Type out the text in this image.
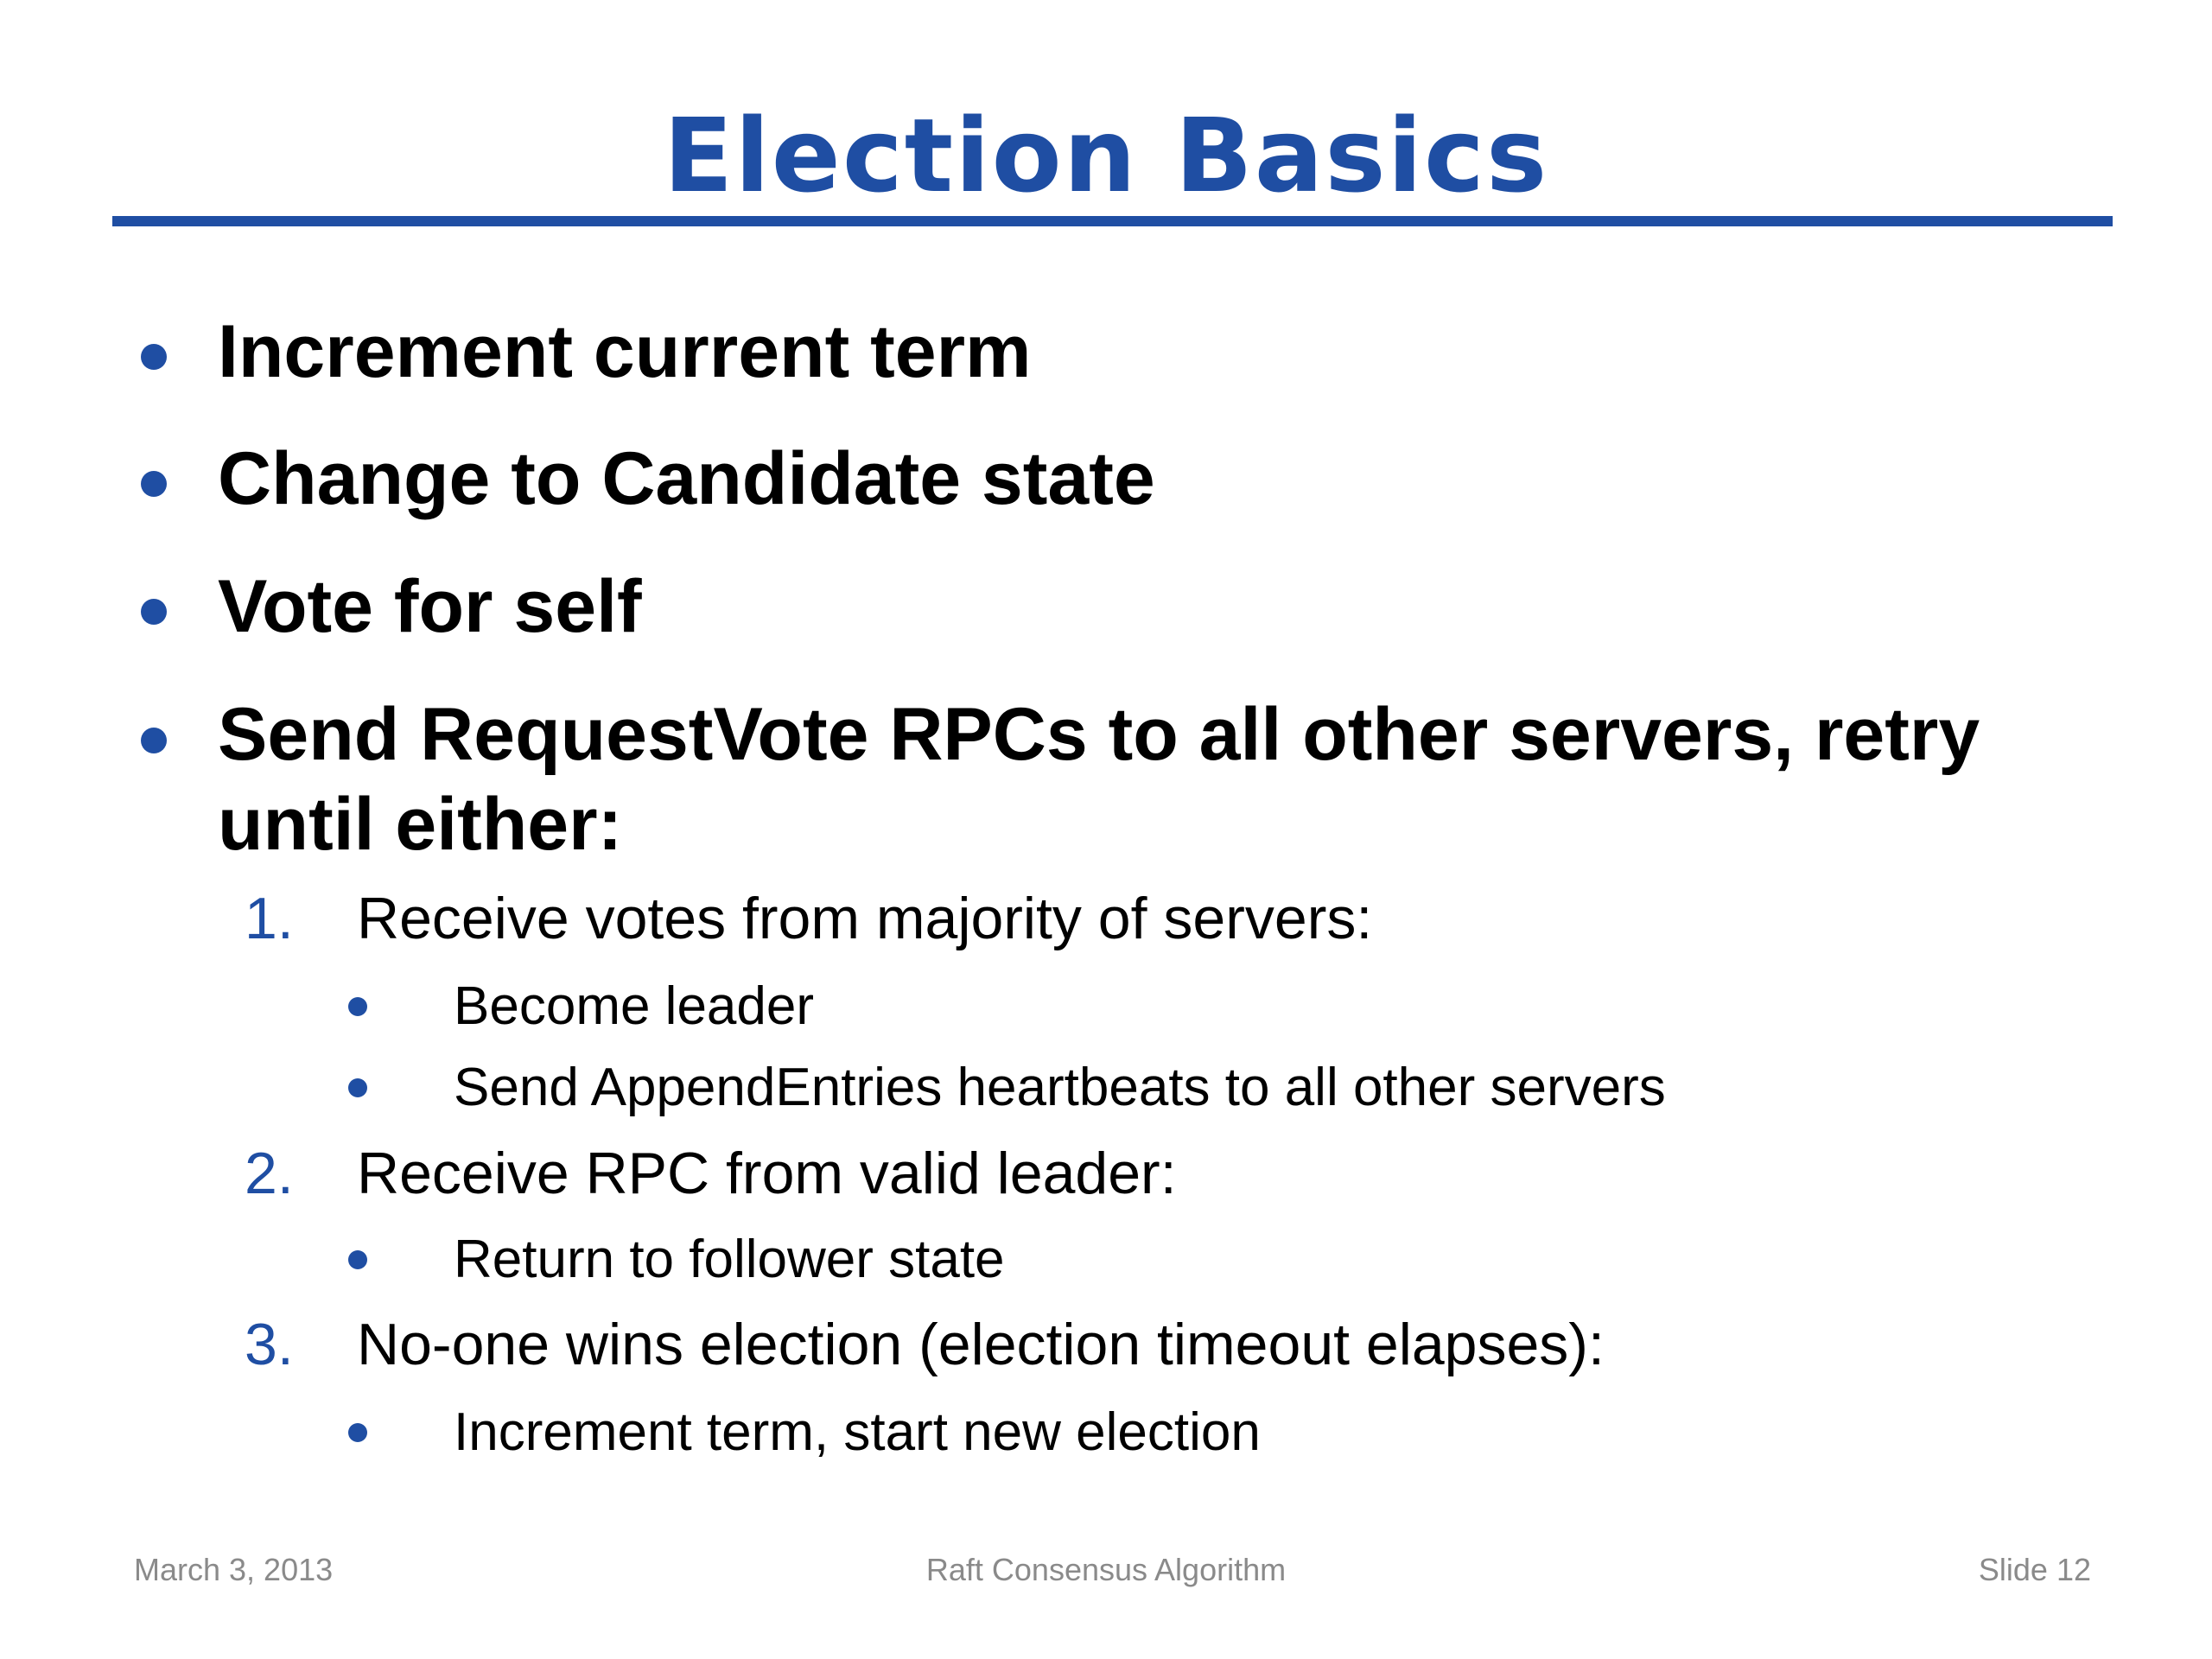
Election Basics
Increment current term
Change to Candidate state
Vote for self
Send RequestVote RPCs to all other servers, retry until either:
1. Receive votes from majority of servers:
Become leader
Send AppendEntries heartbeats to all other servers
2. Receive RPC from valid leader:
Return to follower state
3. No-one wins election (election timeout elapses):
Increment term, start new election
March 3, 2013	Raft Consensus Algorithm	Slide 12
